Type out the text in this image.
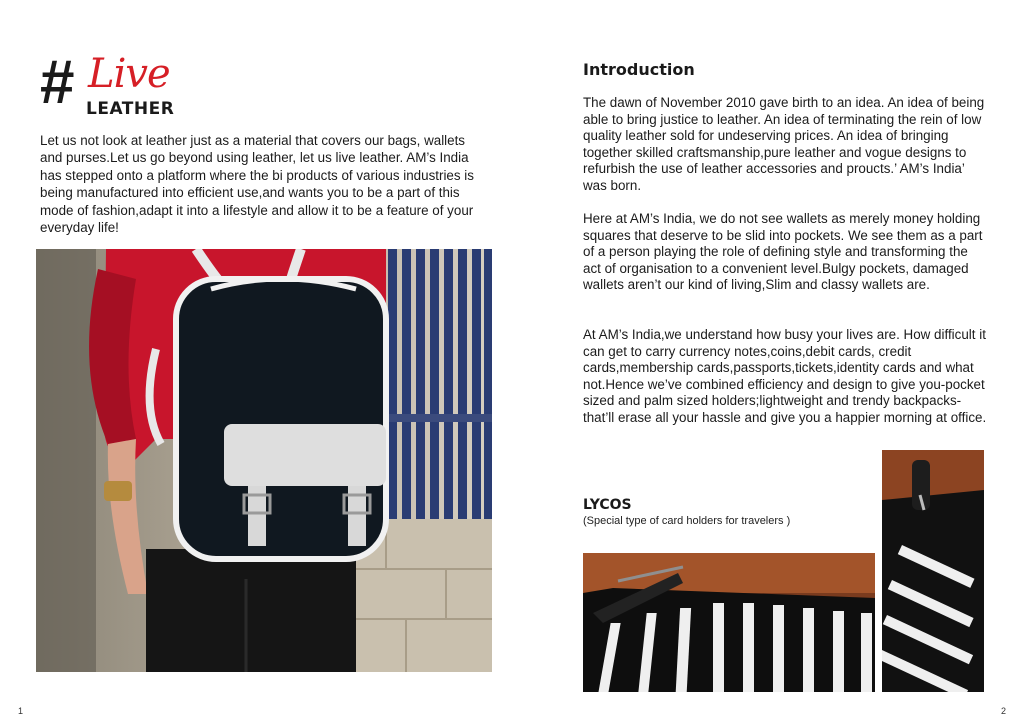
# Live
LEATHER

Let us not look at leather just as a material that covers our bags, wallets and purses.Let us go beyond using leather, let us live leather. AM’s India has stepped onto a platform where the bi products of various industries is being manufactured into efficient use,and wants you to be a part of this mode of fashion,adapt it into a lifestyle and allow it to be a feature of your everyday life!

1
Introduction

The dawn of November 2010 gave birth to an idea. An idea of being able to bring justice to leather. An idea of terminating the rein of low quality leather sold for undeserving prices. An idea of bringing together skilled craftsmanship,pure leather and vogue designs to refurbish the use of leather accessories and proucts.’ AM’s India’ was born.

Here at AM’s India, we do not see wallets as merely money holding squares that deserve to be slid into pockets. We see them as a part of a person playing the role of defining style and transforming the act of organisation to a convenient level.Bulgy pockets, damaged wallets aren’t our kind of living,Slim and classy wallets are.

At AM’s India,we understand how busy your lives are. How difficult it can get to carry currency notes,coins,debit cards, credit cards,membership cards,passports,tickets,identity cards and what not.Hence we’ve combined efficiency and design to give you-pocket sized and palm sized holders;lightweight and trendy backpacks-that’ll erase all your hassle and give you a happier morning at office.

LYCOS

(Special type of card holders for travelers )

2
